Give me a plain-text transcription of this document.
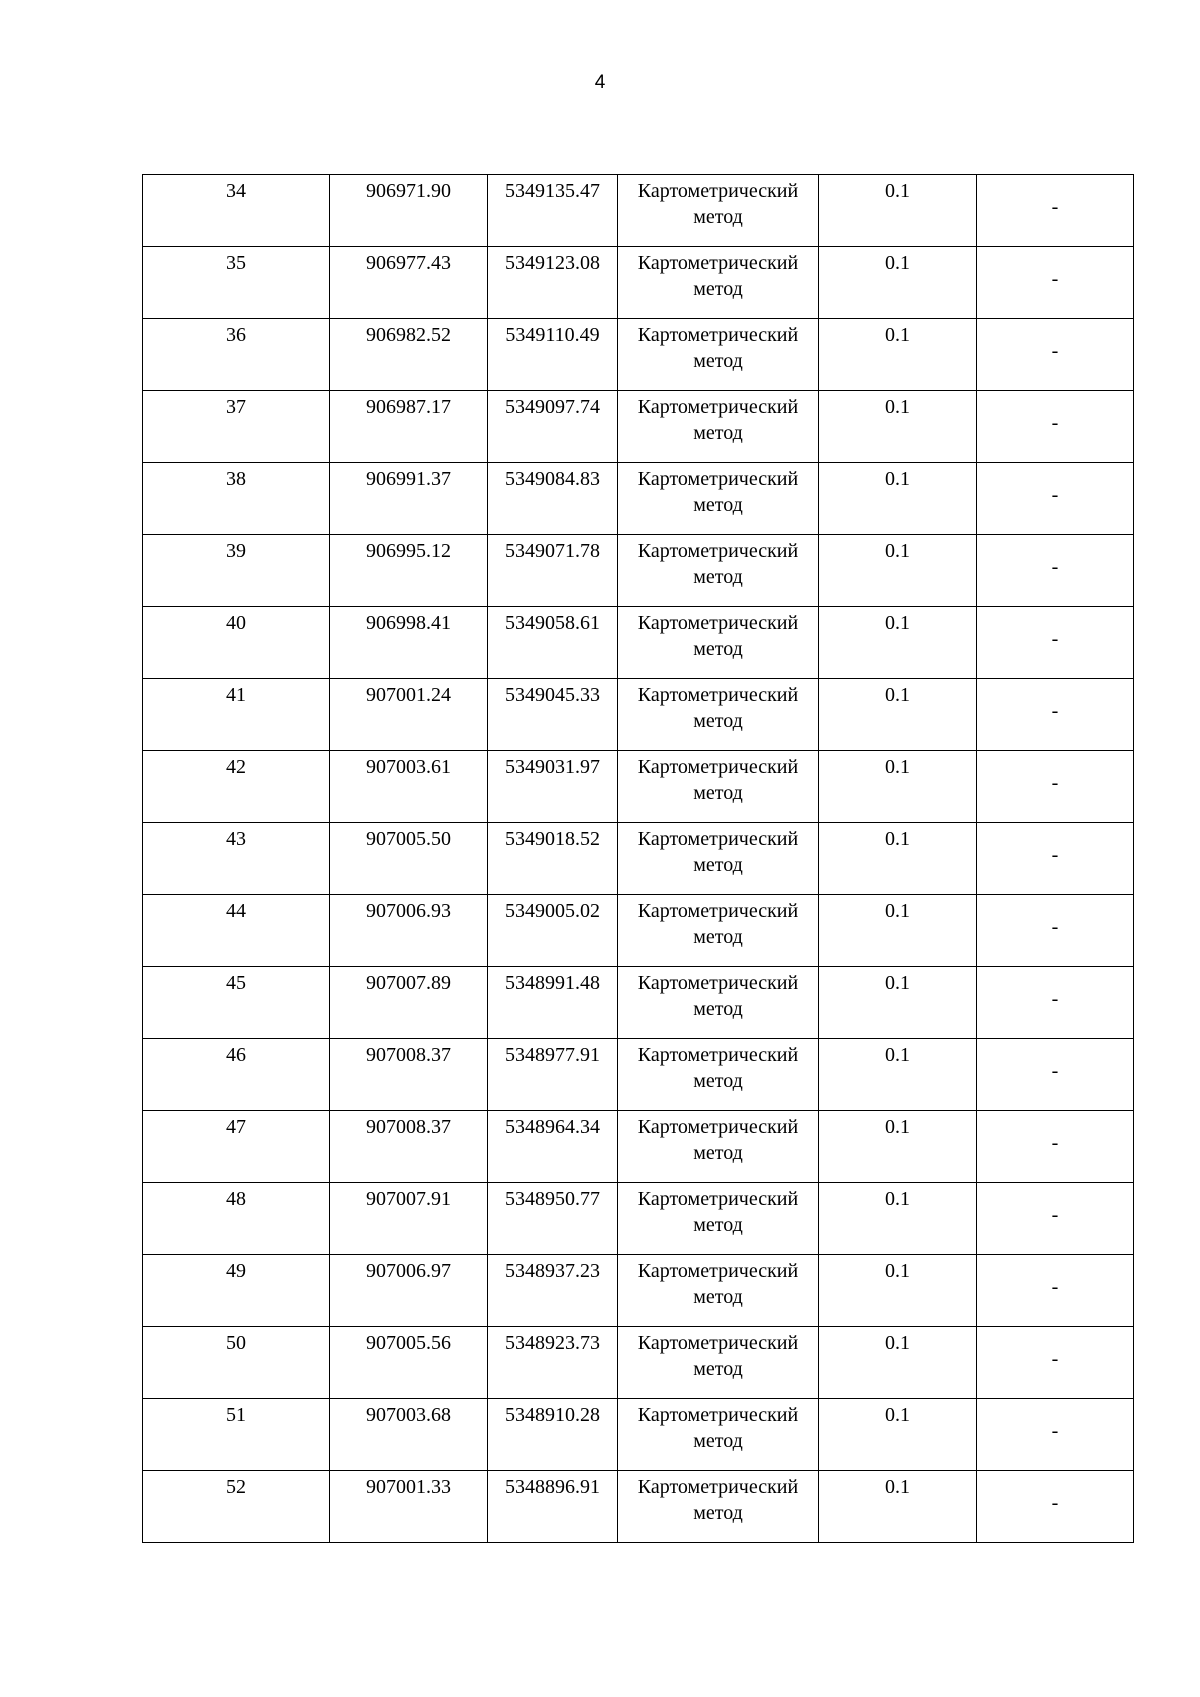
4
34	906971.90	5349135.47	Картометрический метод	0.1	-

35	906977.43	5349123.08	Картометрический метод	0.1	-

36	906982.52	5349110.49	Картометрический метод	0.1	-

37	906987.17	5349097.74	Картометрический метод	0.1	-

38	906991.37	5349084.83	Картометрический метод	0.1	-

39	906995.12	5349071.78	Картометрический метод	0.1	-

40	906998.41	5349058.61	Картометрический метод	0.1	-

41	907001.24	5349045.33	Картометрический метод	0.1	-

42	907003.61	5349031.97	Картометрический метод	0.1	-

43	907005.50	5349018.52	Картометрический метод	0.1	-

44	907006.93	5349005.02	Картометрический метод	0.1	-

45	907007.89	5348991.48	Картометрический метод	0.1	-

46	907008.37	5348977.91	Картометрический метод	0.1	-

47	907008.37	5348964.34	Картометрический метод	0.1	-

48	907007.91	5348950.77	Картометрический метод	0.1	-

49	907006.97	5348937.23	Картометрический метод	0.1	-

50	907005.56	5348923.73	Картометрический метод	0.1	-

51	907003.68	5348910.28	Картометрический метод	0.1	-

52	907001.33	5348896.91	Картометрический метод	0.1	-
